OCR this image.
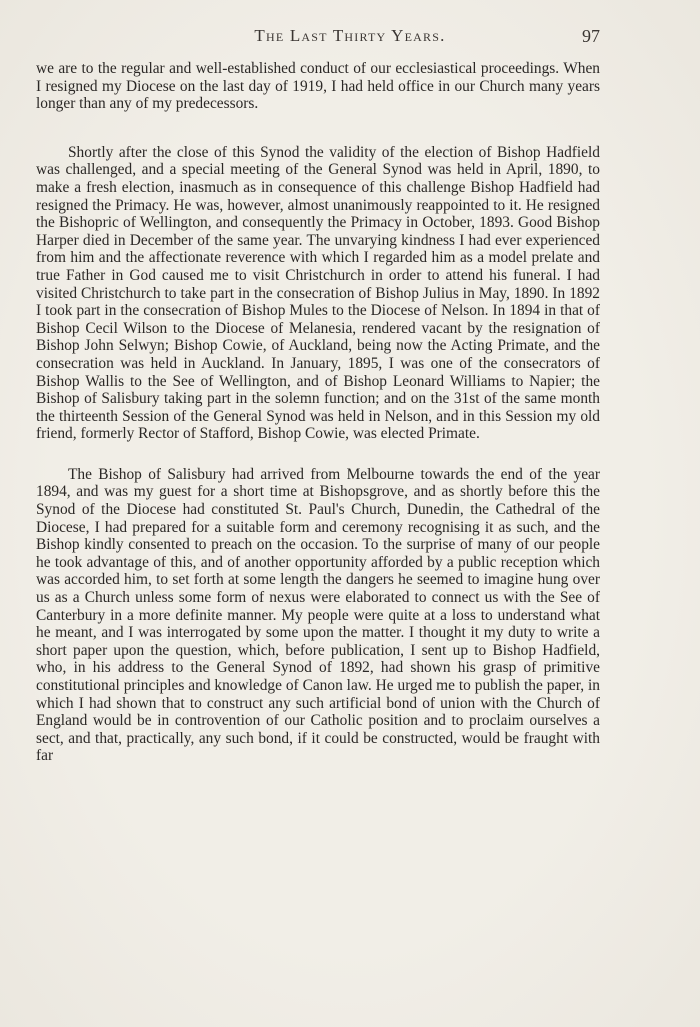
The Last Thirty Years.	97

we are to the regular and well-established conduct of our ecclesiastical proceedings. When I resigned my Diocese on the last day of 1919, I had held office in our Church many years longer than any of my predecessors.

Shortly after the close of this Synod the validity of the election of Bishop Hadfield was challenged, and a special meeting of the General Synod was held in April, 1890, to make a fresh election, inasmuch as in consequence of this challenge Bishop Hadfield had resigned the Primacy. He was, however, almost unanimously reappointed to it. He resigned the Bishopric of Wellington, and consequently the Primacy in October, 1893. Good Bishop Harper died in December of the same year. The unvarying kindness I had ever experienced from him and the affectionate reverence with which I regarded him as a model prelate and true Father in God caused me to visit Christchurch in order to attend his funeral. I had visited Christchurch to take part in the consecration of Bishop Julius in May, 1890. In 1892 I took part in the consecration of Bishop Mules to the Diocese of Nelson. In 1894 in that of Bishop Cecil Wilson to the Diocese of Melanesia, rendered vacant by the resignation of Bishop John Selwyn; Bishop Cowie, of Auckland, being now the Acting Primate, and the consecration was held in Auckland. In January, 1895, I was one of the consecrators of Bishop Wallis to the See of Wellington, and of Bishop Leonard Williams to Napier; the Bishop of Salisbury taking part in the solemn function; and on the 31st of the same month the thirteenth Session of the General Synod was held in Nelson, and in this Session my old friend, formerly Rector of Stafford, Bishop Cowie, was elected Primate.

The Bishop of Salisbury had arrived from Melbourne towards the end of the year 1894, and was my guest for a short time at Bishopsgrove, and as shortly before this the Synod of the Diocese had constituted St. Paul's Church, Dunedin, the Cathedral of the Diocese, I had prepared for a suitable form and ceremony recognising it as such, and the Bishop kindly consented to preach on the occasion. To the surprise of many of our people he took advantage of this, and of another opportunity afforded by a public reception which was accorded him, to set forth at some length the dangers he seemed to imagine hung over us as a Church unless some form of nexus were elaborated to connect us with the See of Canterbury in a more definite manner. My people were quite at a loss to understand what he meant, and I was interrogated by some upon the matter. I thought it my duty to write a short paper upon the question, which, before publication, I sent up to Bishop Hadfield, who, in his address to the General Synod of 1892, had shown his grasp of primitive constitutional principles and knowledge of Canon law. He urged me to publish the paper, in which I had shown that to construct any such artificial bond of union with the Church of England would be in controvention of our Catholic position and to proclaim ourselves a sect, and that, practically, any such bond, if it could be constructed, would be fraught with far
